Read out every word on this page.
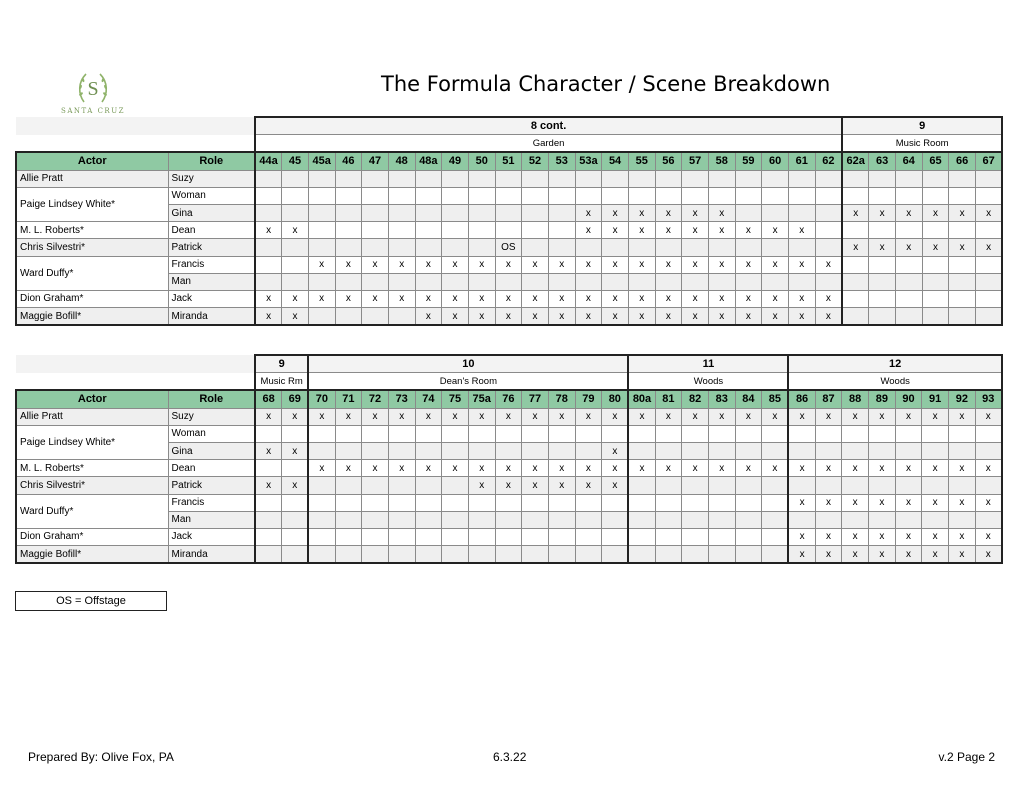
S
SANTA CRUZ
The Formula Character / Scene Breakdown
		8 cont.																						9					
		Garden																						Music Room					
Actor	Role	44a	45	45a	46	47	48	48a	49	50	51	52	53	53a	54	55	56	57	58	59	60	61	62	62a	63	64	65	66	67
Allie Pratt	Suzy																												
Paige Lindsey White*	Woman																												
	Gina													x	x	x	x	x	x					x	x	x	x	x	x
M. L. Roberts*	Dean	x	x											x	x	x	x	x	x	x	x	x							
Chris Silvestri*	Patrick										OS													x	x	x	x	x	x
Ward Duffy*	Francis			x	x	x	x	x	x	x	x	x	x	x	x	x	x	x	x	x	x	x	x						
	Man																												
Dion Graham*	Jack	x	x	x	x	x	x	x	x	x	x	x	x	x	x	x	x	x	x	x	x	x	x						
Maggie Bofill*	Miranda	x	x					x	x	x	x	x	x	x	x	x	x	x	x	x	x	x	x						
		9		10												11						12							
		Music Rm		Dean's Room												Woods						Woods							
Actor	Role	68	69	70	71	72	73	74	75	75a	76	77	78	79	80	80a	81	82	83	84	85	86	87	88	89	90	91	92	93
Allie Pratt	Suzy	x	x	x	x	x	x	x	x	x	x	x	x	x	x	x	x	x	x	x	x	x	x	x	x	x	x	x	x
Paige Lindsey White*	Woman																												
	Gina	x	x												x														
M. L. Roberts*	Dean			x	x	x	x	x	x	x	x	x	x	x	x	x	x	x	x	x	x	x	x	x	x	x	x	x	x
Chris Silvestri*	Patrick	x	x							x	x	x	x	x	x														
Ward Duffy*	Francis																					x	x	x	x	x	x	x	x
	Man																												
Dion Graham*	Jack																					x	x	x	x	x	x	x	x
Maggie Bofill*	Miranda																					x	x	x	x	x	x	x	x
OS = Offstage
Prepared By: Olive Fox, PA	6.3.22	v.2 Page 2
